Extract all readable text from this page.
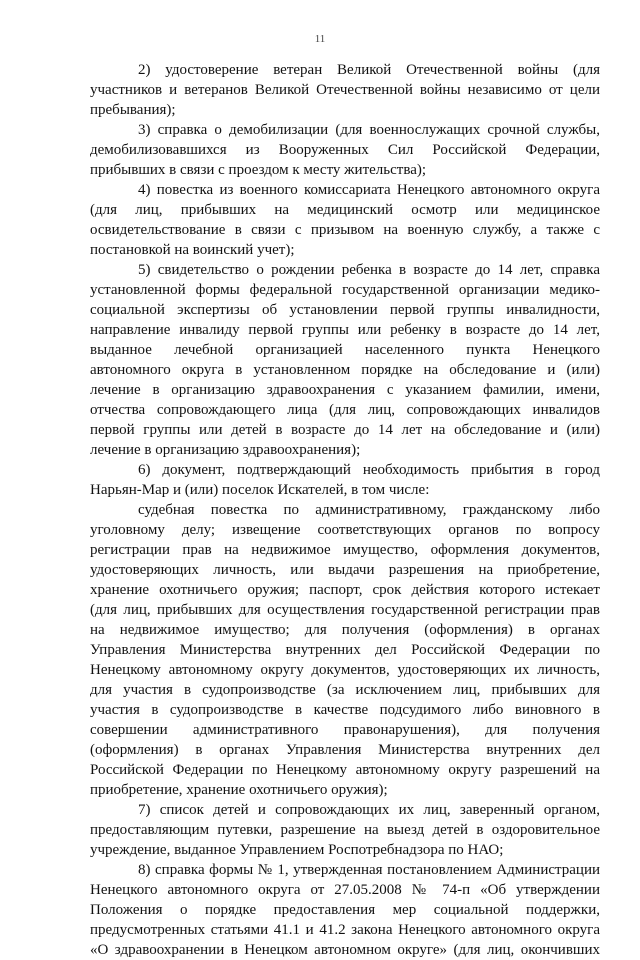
11
2) удостоверение ветеран Великой Отечественной войны (для
участников и ветеранов Великой Отечественной войны независимо от цели
пребывания);
3) справка о демобилизации (для военнослужащих срочной службы,
демобилизовавшихся из Вооруженных Сил Российской Федерации,
прибывших в связи с проездом к месту жительства);
4) повестка из военного комиссариата Ненецкого автономного округа
(для лиц, прибывших на медицинский осмотр или медицинское
освидетельствование в связи с призывом на военную службу, а также с
постановкой на воинский учет);
5) свидетельство о рождении ребенка в возрасте до 14 лет, справка
установленной формы федеральной государственной организации медико-
социальной экспертизы об установлении первой группы инвалидности,
направление инвалиду первой группы или ребенку в возрасте до 14 лет,
выданное лечебной организацией населенного пункта Ненецкого
автономного округа в установленном порядке на обследование и (или)
лечение в организацию здравоохранения с указанием фамилии, имени,
отчества сопровождающего лица (для лиц, сопровождающих инвалидов
первой группы или детей в возрасте до 14 лет на обследование и (или)
лечение в организацию здравоохранения);
6) документ, подтверждающий необходимость прибытия в город
Нарьян-Мар и (или) поселок Искателей, в том числе:
судебная повестка по административному, гражданскому либо
уголовному делу; извещение соответствующих органов по вопросу
регистрации прав на недвижимое имущество, оформления документов,
удостоверяющих личность, или выдачи разрешения на приобретение,
хранение охотничьего оружия; паспорт, срок действия которого истекает
(для лиц, прибывших для осуществления государственной регистрации прав
на недвижимое имущество; для получения (оформления) в органах
Управления Министерства внутренних дел Российской Федерации по
Ненецкому автономному округу документов, удостоверяющих их личность,
для участия в судопроизводстве (за исключением лиц, прибывших для
участия в судопроизводстве в качестве подсудимого либо виновного в
совершении административного правонарушения), для получения
(оформления) в органах Управления Министерства внутренних дел
Российской Федерации по Ненецкому автономному округу разрешений на
приобретение, хранение охотничьего оружия);
7) список детей и сопровождающих их лиц, заверенный органом,
предоставляющим путевки, разрешение на выезд детей в оздоровительное
учреждение, выданное Управлением Роспотребнадзора по НАО;
8) справка формы № 1, утвержденная постановлением Администрации
Ненецкого автономного округа от 27.05.2008 № 74-п «Об утверждении
Положения о порядке предоставления мер социальной поддержки,
предусмотренных статьями 41.1 и 41.2 закона Ненецкого автономного округа
«О здравоохранении в Ненецком автономном округе» (для лиц, окончивших
